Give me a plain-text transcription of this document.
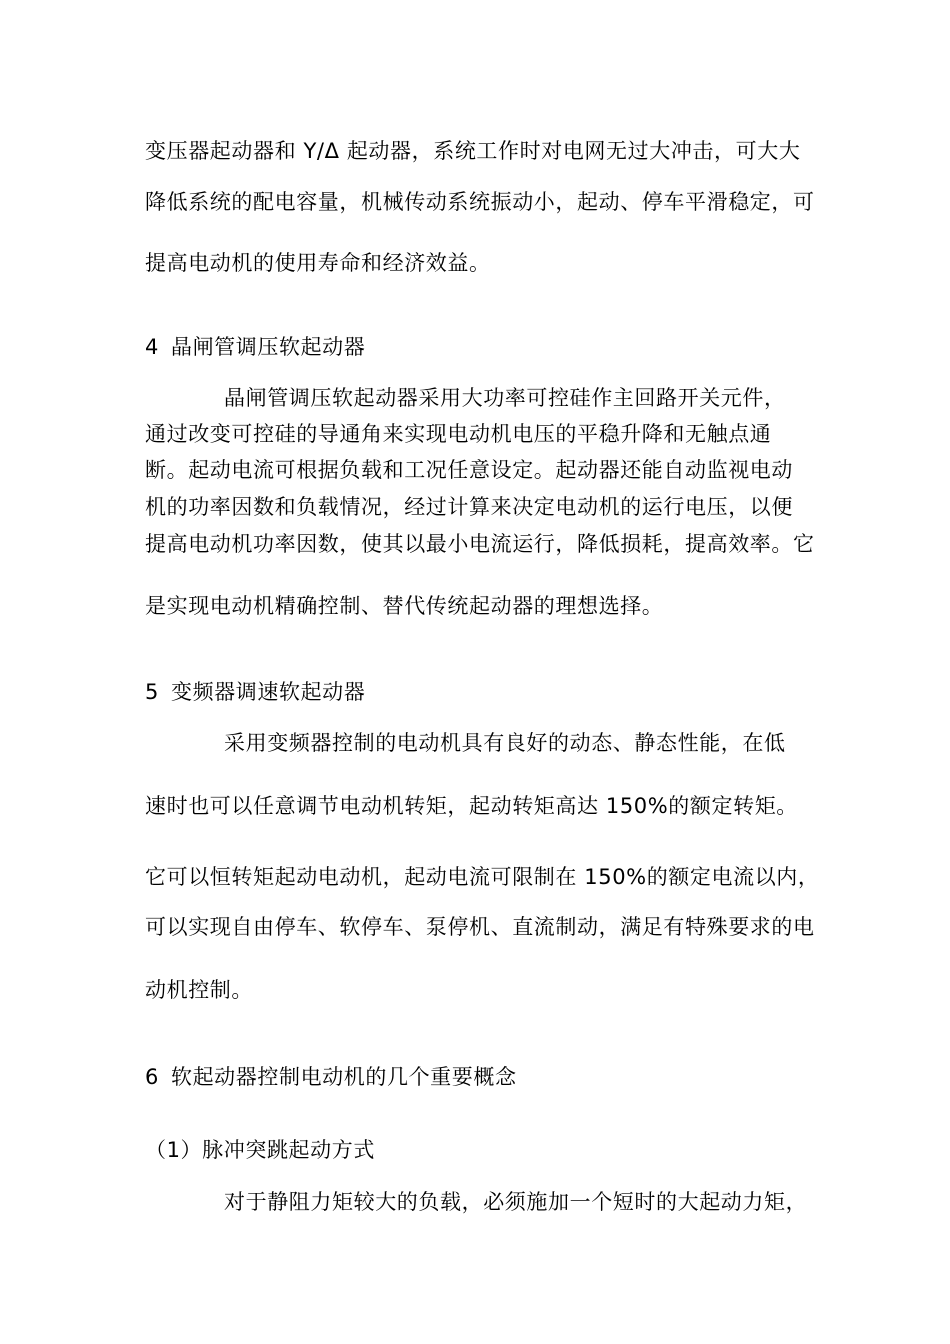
变压器起动器和 Y/Δ 起动器，系统工作时对电网无过大冲击，可大大
降低系统的配电容量，机械传动系统振动小，起动、停车平滑稳定，可
提高电动机的使用寿命和经济效益。
4 晶闸管调压软起动器
晶闸管调压软起动器采用大功率可控硅作主回路开关元件，
通过改变可控硅的导通角来实现电动机电压的平稳升降和无触点通
断。起动电流可根据负载和工况任意设定。起动器还能自动监视电动
机的功率因数和负载情况，经过计算来决定电动机的运行电压，以便
提高电动机功率因数，使其以最小电流运行，降低损耗，提高效率。它
是实现电动机精确控制、替代传统起动器的理想选择。
5 变频器调速软起动器
采用变频器控制的电动机具有良好的动态、静态性能，在低
速时也可以任意调节电动机转矩，起动转矩高达 150%的额定转矩。
它可以恒转矩起动电动机，起动电流可限制在 150%的额定电流以内，
可以实现自由停车、软停车、泵停机、直流制动，满足有特殊要求的电
动机控制。
6 软起动器控制电动机的几个重要概念
（1）脉冲突跳起动方式
对于静阻力矩较大的负载，必须施加一个短时的大起动力矩，
